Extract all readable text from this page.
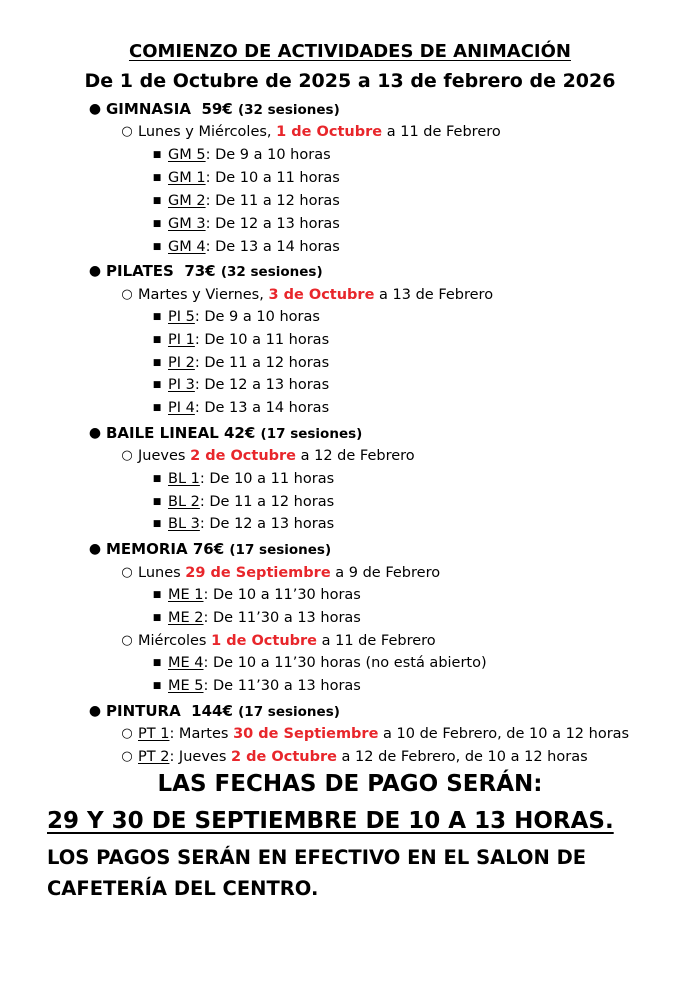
COMIENZO DE ACTIVIDADES DE ANIMACIÓN
De 1 de Octubre de 2025 a 13 de febrero de 2026
● GIMNASIA 59€ (32 sesiones)
○ Lunes y Miércoles, 1 de Octubre a 11 de Febrero
■ GM 5: De 9 a 10 horas
■ GM 1: De 10 a 11 horas
■ GM 2: De 11 a 12 horas
■ GM 3: De 12 a 13 horas
■ GM 4: De 13 a 14 horas
● PILATES 73€ (32 sesiones)
○ Martes y Viernes, 3 de Octubre a 13 de Febrero
■ PI 5: De 9 a 10 horas
■ PI 1: De 10 a 11 horas
■ PI 2: De 11 a 12 horas
■ PI 3: De 12 a 13 horas
■ PI 4: De 13 a 14 horas
● BAILE LINEAL 42€ (17 sesiones)
○ Jueves 2 de Octubre a 12 de Febrero
■ BL 1: De 10 a 11 horas
■ BL 2: De 11 a 12 horas
■ BL 3: De 12 a 13 horas
● MEMORIA 76€ (17 sesiones)
○ Lunes 29 de Septiembre a 9 de Febrero
■ ME 1: De 10 a 11’30 horas
■ ME 2: De 11’30 a 13 horas
○ Miércoles 1 de Octubre a 11 de Febrero
■ ME 4: De 10 a 11’30 horas (no está abierto)
■ ME 5: De 11’30 a 13 horas
● PINTURA 144€ (17 sesiones)
○ PT 1: Martes 30 de Septiembre a 10 de Febrero, de 10 a 12 horas
○ PT 2: Jueves 2 de Octubre a 12 de Febrero, de 10 a 12 horas
LAS FECHAS DE PAGO SERÁN:
29 Y 30 DE SEPTIEMBRE DE 10 A 13 HORAS.
LOS PAGOS SERÁN EN EFECTIVO EN EL SALON DE
CAFETERÍA DEL CENTRO.
